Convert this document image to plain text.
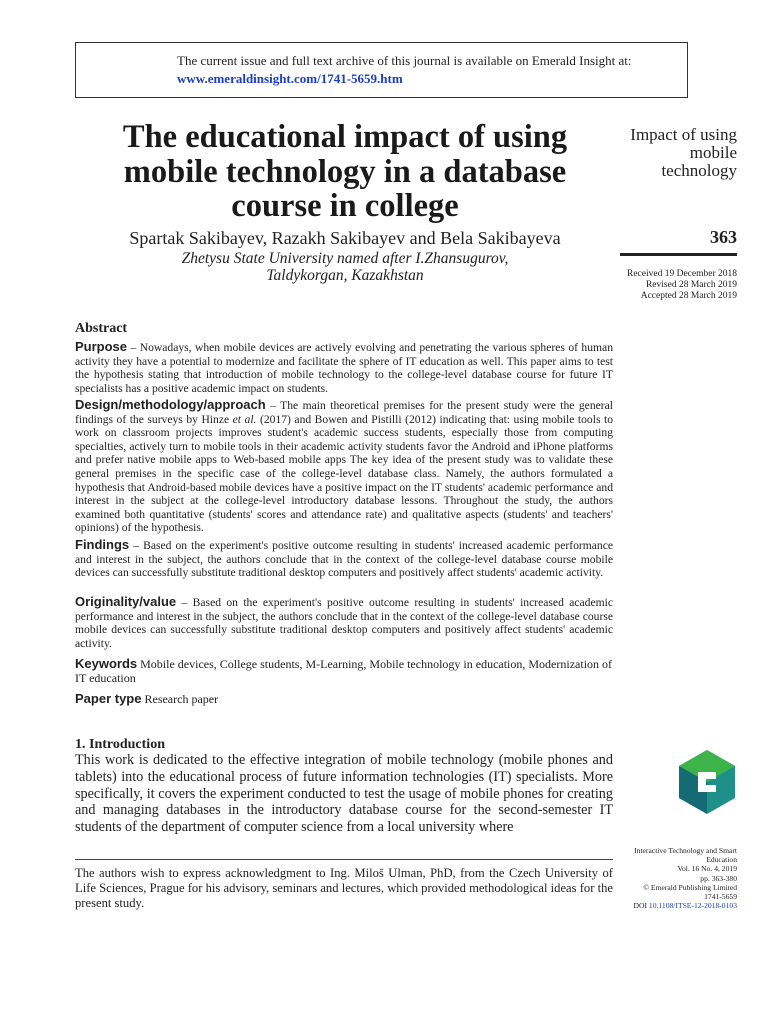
The current issue and full text archive of this journal is available on Emerald Insight at:
www.emeraldinsight.com/1741-5659.htm
The educational impact of using mobile technology in a database course in college
Spartak Sakibayev, Razakh Sakibayev and Bela Sakibayeva
Zhetysu State University named after I.Zhansugurov,
Taldykorgan, Kazakhstan
Impact of using mobile technology
363
Received 19 December 2018
Revised 28 March 2019
Accepted 28 March 2019
Abstract
Purpose – Nowadays, when mobile devices are actively evolving and penetrating the various spheres of human activity they have a potential to modernize and facilitate the sphere of IT education as well. This paper aims to test the hypothesis stating that introduction of mobile technology to the college-level database course for future IT specialists has a positive academic impact on students.
Design/methodology/approach – The main theoretical premises for the present study were the general findings of the surveys by Hinze et al. (2017) and Bowen and Pistilli (2012) indicating that: using mobile tools to work on classroom projects improves student's academic success students, especially those from computing specialties, actively turn to mobile tools in their academic activity students favor the Android and iPhone platforms and prefer native mobile apps to Web-based mobile apps The key idea of the present study was to validate these general premises in the specific case of the college-level database class. Namely, the authors formulated a hypothesis that Android-based mobile devices have a positive impact on the IT students' academic performance and interest in the subject at the college-level introductory database lessons. Throughout the study, the authors examined both quantitative (students' scores and attendance rate) and qualitative aspects (students' and teachers' opinions) of the hypothesis.
Findings – Based on the experiment's positive outcome resulting in students' increased academic performance and interest in the subject, the authors conclude that in the context of the college-level database course mobile devices can successfully substitute traditional desktop computers and positively affect students' academic activity.
Originality/value – Based on the experiment's positive outcome resulting in students' increased academic performance and interest in the subject, the authors conclude that in the context of the college-level database course mobile devices can successfully substitute traditional desktop computers and positively affect students' academic activity.
Keywords Mobile devices, College students, M-Learning, Mobile technology in education, Modernization of IT education
Paper type Research paper
1. Introduction
This work is dedicated to the effective integration of mobile technology (mobile phones and tablets) into the educational process of future information technologies (IT) specialists. More specifically, it covers the experiment conducted to test the usage of mobile phones for creating and managing databases in the introductory database course for the second-semester IT students of the department of computer science from a local university where
The authors wish to express acknowledgment to Ing. Miloš Ulman, PhD, from the Czech University of Life Sciences, Prague for his advisory, seminars and lectures, which provided methodological ideas for the present study.
Interactive Technology and Smart
Education
Vol. 16 No. 4, 2019
pp. 363-380
© Emerald Publishing Limited
1741-5659
DOI 10.1108/ITSE-12-2018-0103
